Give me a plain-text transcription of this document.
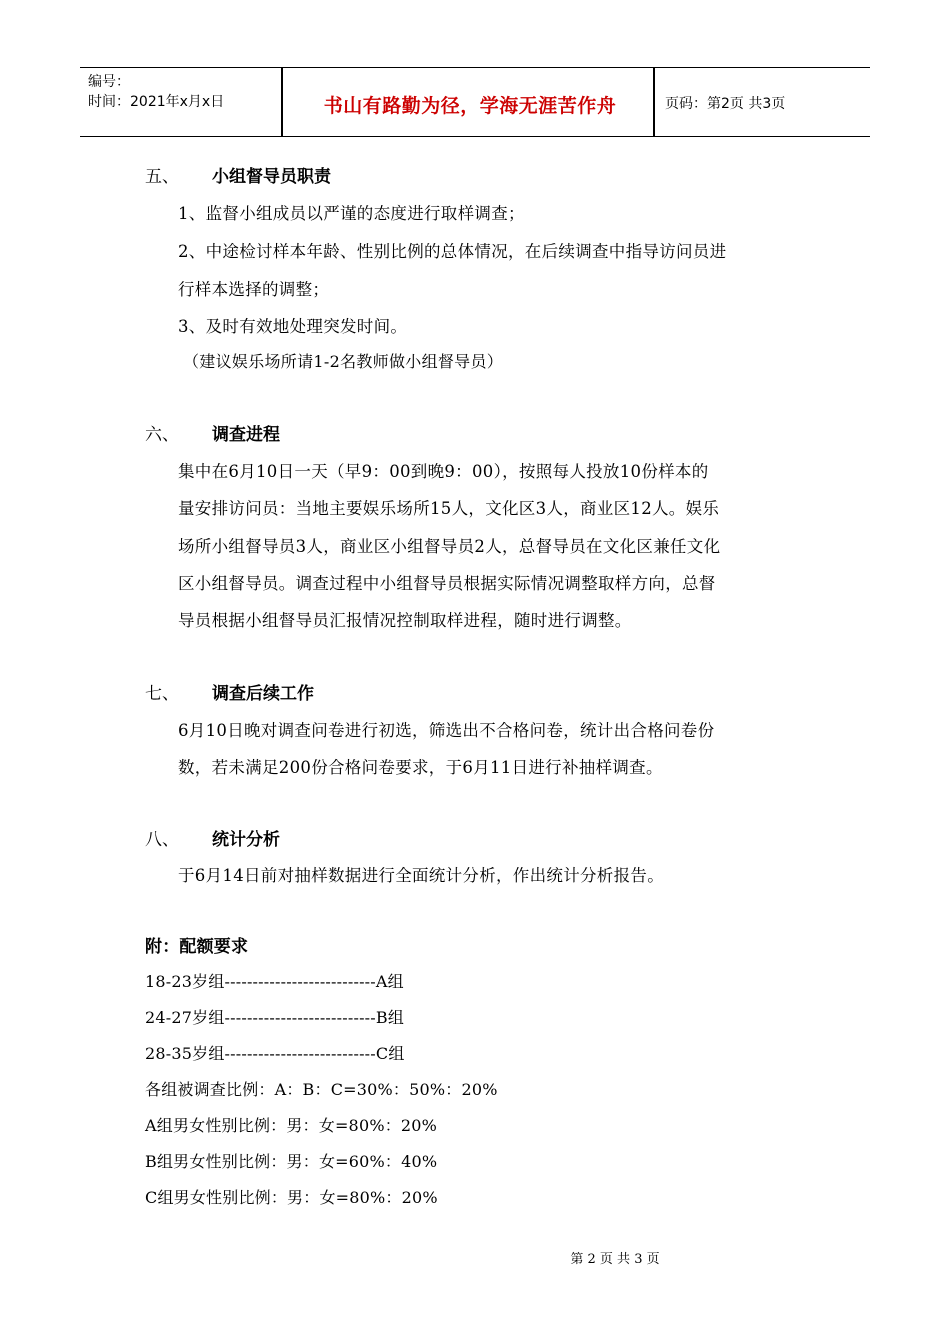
编号：
时间：2021年x月x日	书山有路勤为径，学海无涯苦作舟	页码：第2页 共3页
五、 小组督导员职责
1、监督小组成员以严谨的态度进行取样调查；
2、中途检讨样本年龄、性别比例的总体情况，在后续调查中指导访问员进
行样本选择的调整；
3、及时有效地处理突发时间。
（建议娱乐场所请1-2名教师做小组督导员）
六、 调查进程
集中在6月10日一天（早9：00到晚9：00），按照每人投放10份样本的
量安排访问员：当地主要娱乐场所15人，文化区3人，商业区12人。娱乐
场所小组督导员3人，商业区小组督导员2人，总督导员在文化区兼任文化
区小组督导员。调查过程中小组督导员根据实际情况调整取样方向，总督
导员根据小组督导员汇报情况控制取样进程，随时进行调整。
七、 调查后续工作
6月10日晚对调查问卷进行初选，筛选出不合格问卷，统计出合格问卷份
数，若未满足200份合格问卷要求，于6月11日进行补抽样调查。
八、 统计分析
于6月14日前对抽样数据进行全面统计分析，作出统计分析报告。
附：配额要求
18-23岁组---------------------------A组
24-27岁组---------------------------B组
28-35岁组---------------------------C组
各组被调查比例：A：B：C=30%：50%：20%
A组男女性别比例：男：女=80%：20%
B组男女性别比例：男：女=60%：40%
C组男女性别比例：男：女=80%：20%
第 2 页 共 3 页
